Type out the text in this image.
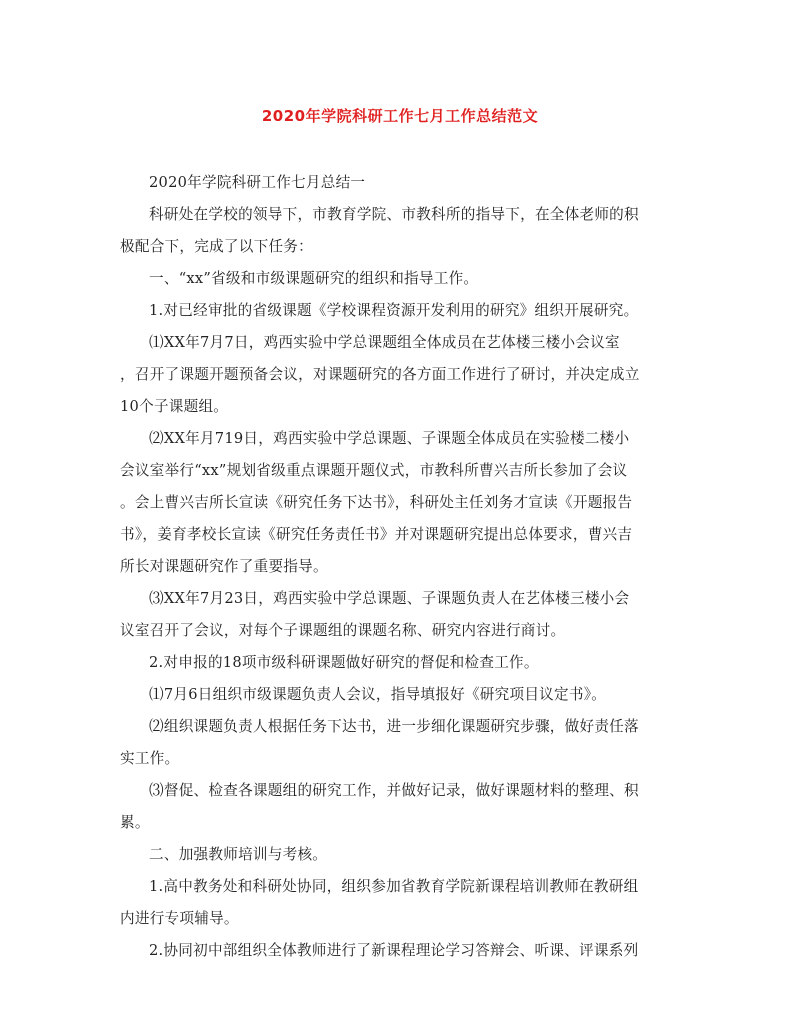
2020年学院科研工作七月工作总结范文
2020年学院科研工作七月总结一
科研处在学校的领导下，市教育学院、市教科所的指导下，在全体老师的积
极配合下，完成了以下任务：
一、“xx”省级和市级课题研究的组织和指导工作。
1.对已经审批的省级课题《学校课程资源开发利用的研究》组织开展研究。
⑴XX年7月7日，鸡西实验中学总课题组全体成员在艺体楼三楼小会议室
，召开了课题开题预备会议，对课题研究的各方面工作进行了研讨，并决定成立
10个子课题组。
⑵XX年月719日，鸡西实验中学总课题、子课题全体成员在实验楼二楼小
会议室举行“xx”规划省级重点课题开题仪式，市教科所曹兴吉所长参加了会议
。会上曹兴吉所长宣读《研究任务下达书》，科研处主任刘务才宣读《开题报告
书》，姜育孝校长宣读《研究任务责任书》并对课题研究提出总体要求，曹兴吉
所长对课题研究作了重要指导。
⑶XX年7月23日，鸡西实验中学总课题、子课题负责人在艺体楼三楼小会
议室召开了会议，对每个子课题组的课题名称、研究内容进行商讨。
2.对申报的18项市级科研课题做好研究的督促和检查工作。
⑴7月6日组织市级课题负责人会议，指导填报好《研究项目议定书》。
⑵组织课题负责人根据任务下达书，进一步细化课题研究步骤，做好责任落
实工作。
⑶督促、检查各课题组的研究工作，并做好记录，做好课题材料的整理、积
累。
二、加强教师培训与考核。
1.高中教务处和科研处协同，组织参加省教育学院新课程培训教师在教研组
内进行专项辅导。
2.协同初中部组织全体教师进行了新课程理论学习答辩会、听课、评课系列
